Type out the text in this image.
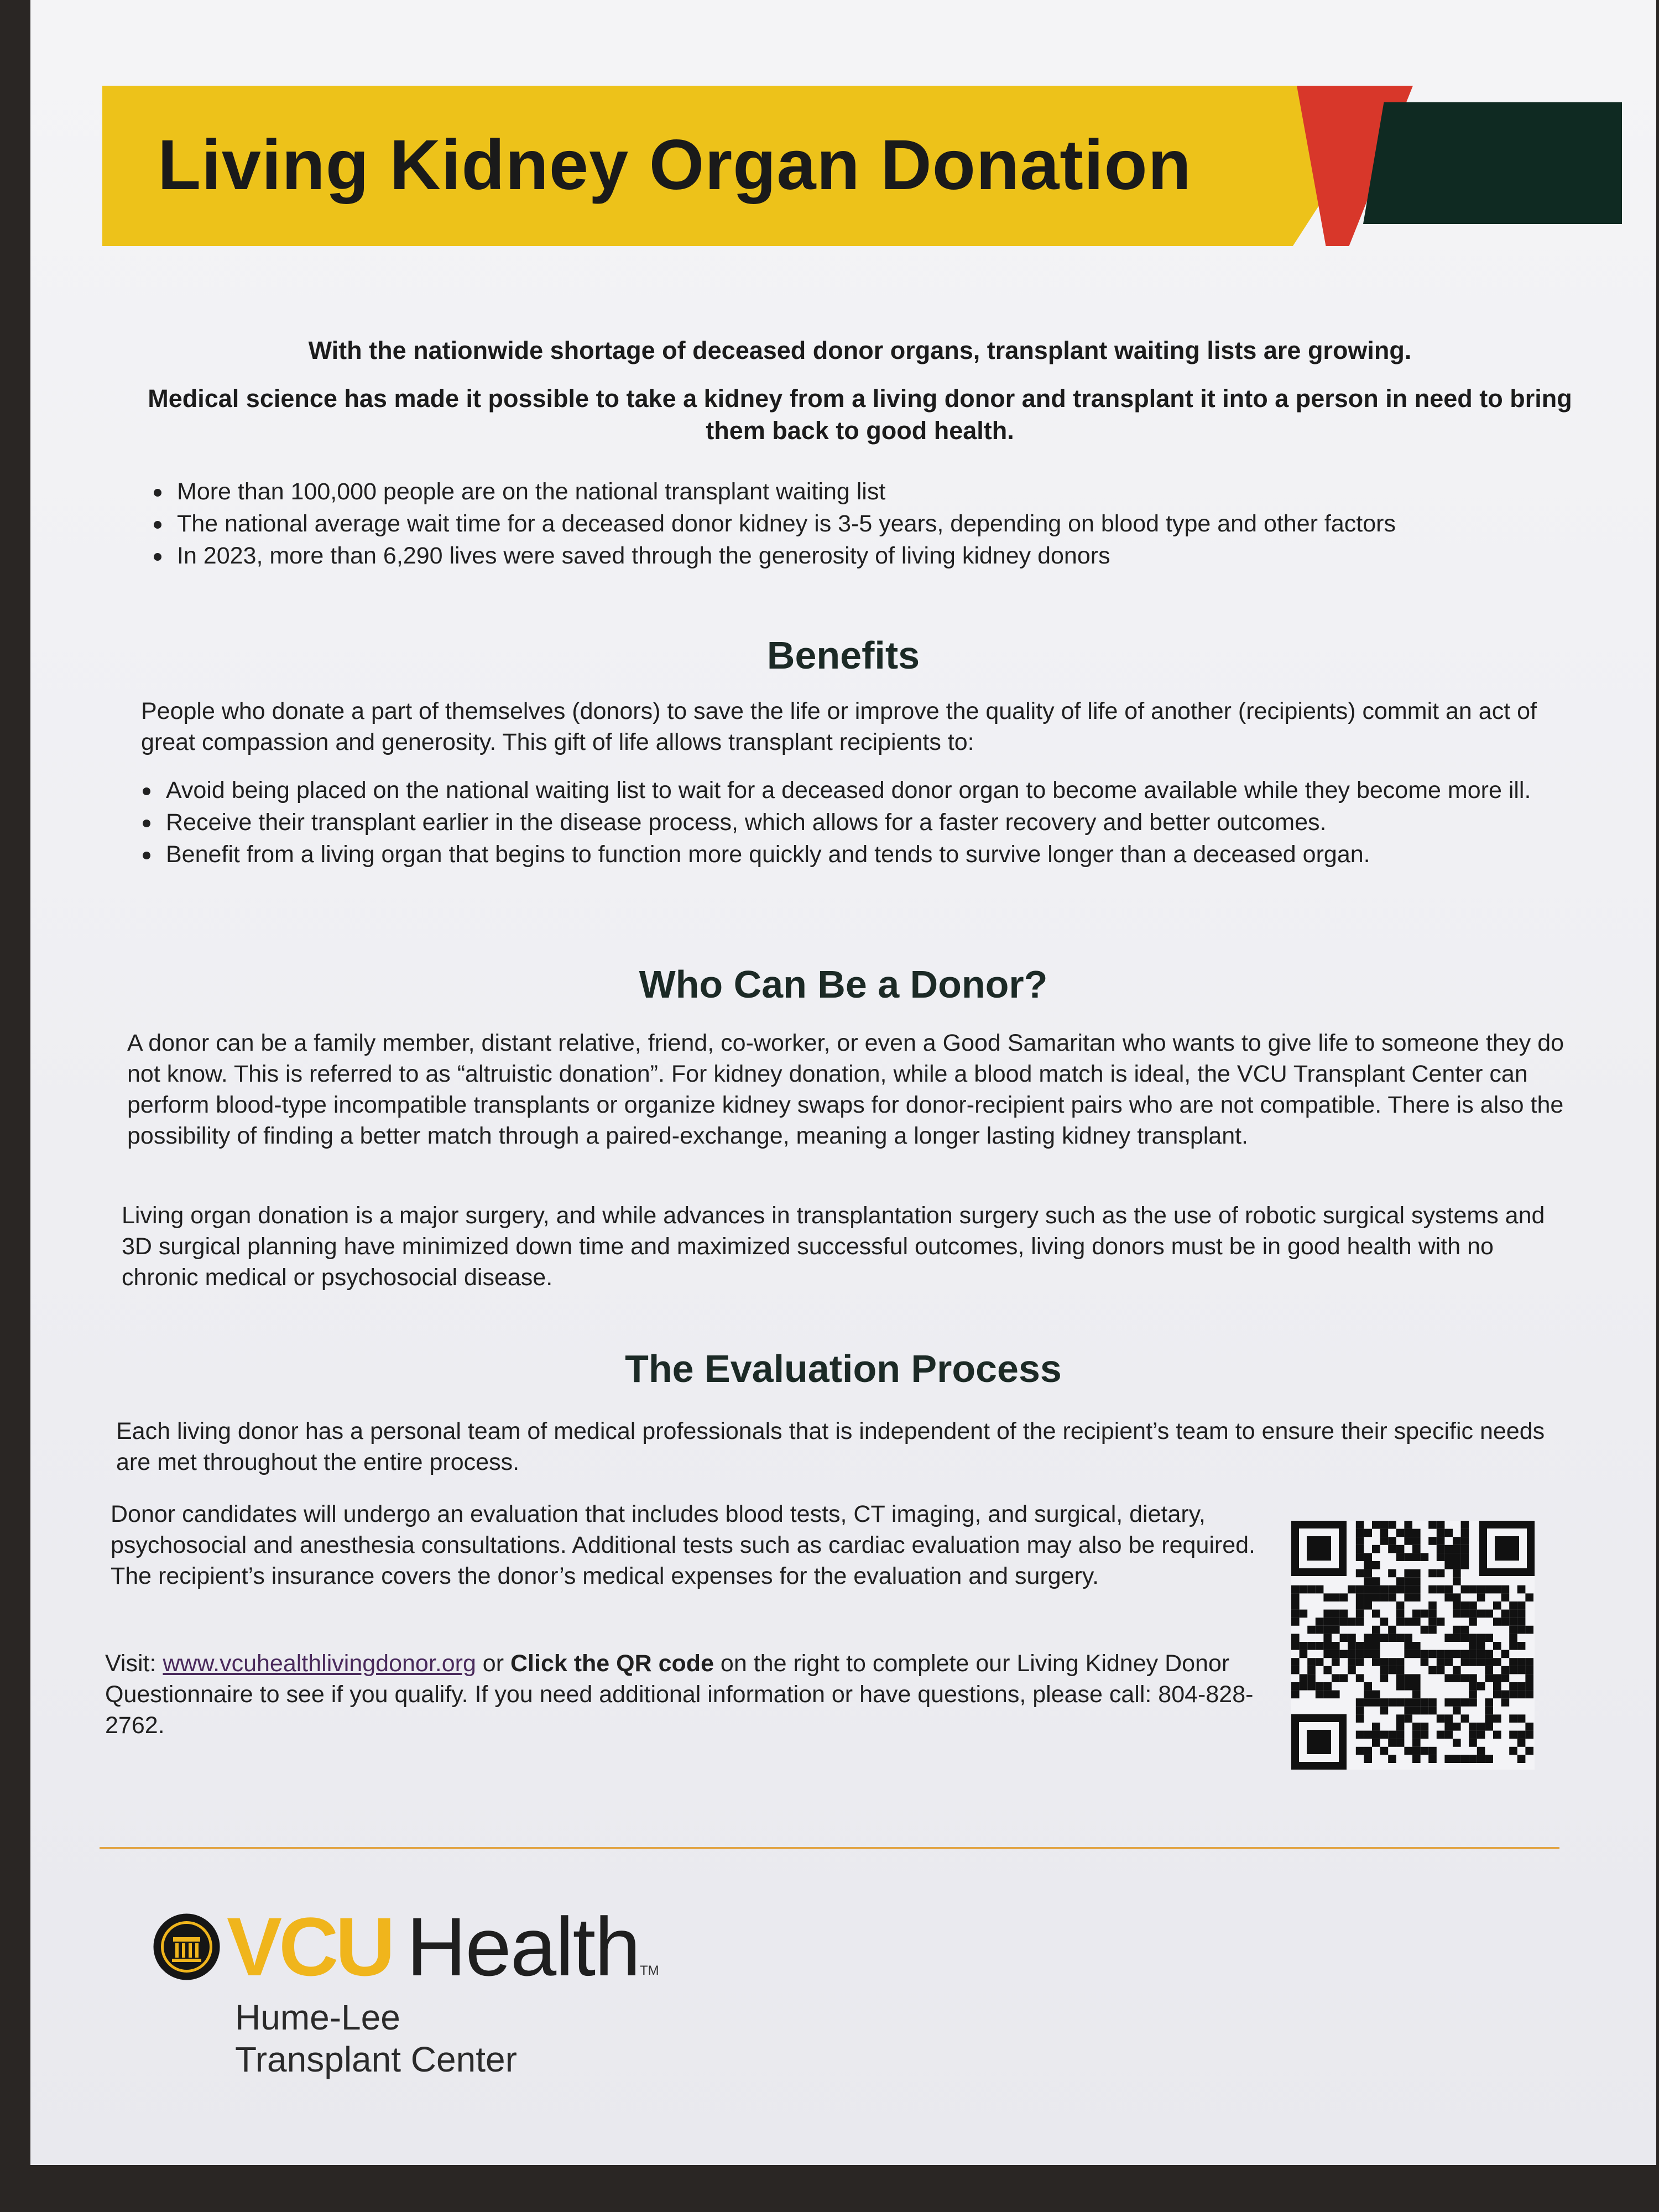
Living Kidney Organ Donation

With the nationwide shortage of deceased donor organs, transplant waiting lists are growing.

Medical science has made it possible to take a kidney from a living donor and transplant it into a person in need to bring them back to good health.

More than 100,000 people are on the national transplant waiting list
The national average wait time for a deceased donor kidney is 3-5 years, depending on blood type and other factors
In 2023, more than 6,290 lives were saved through the generosity of living kidney donors
Benefits

People who donate a part of themselves (donors) to save the life or improve the quality of life of another (recipients) commit an act of great compassion and generosity. This gift of life allows transplant recipients to:

Avoid being placed on the national waiting list to wait for a deceased donor organ to become available while they become more ill.
Receive their transplant earlier in the disease process, which allows for a faster recovery and better outcomes.
Benefit from a living organ that begins to function more quickly and tends to survive longer than a deceased organ.
Who Can Be a Donor?

A donor can be a family member, distant relative, friend, co-worker, or even a Good Samaritan who wants to give life to someone they do not know. This is referred to as “altruistic donation”. For kidney donation, while a blood match is ideal, the VCU Transplant Center can perform blood-type incompatible transplants or organize kidney swaps for donor-recipient pairs who are not compatible. There is also the possibility of finding a better match through a paired-exchange, meaning a longer lasting kidney transplant.

Living organ donation is a major surgery, and while advances in transplantation surgery such as the use of robotic surgical systems and 3D surgical planning have minimized down time and maximized successful outcomes, living donors must be in good health with no chronic medical or psychosocial disease.

The Evaluation Process

Each living donor has a personal team of medical professionals that is independent of the recipient’s team to ensure their specific needs are met throughout the entire process.

Donor candidates will undergo an evaluation that includes blood tests, CT imaging, and surgical, dietary, psychosocial and anesthesia consultations. Additional tests such as cardiac evaluation may also be required. The recipient’s insurance covers the donor’s medical expenses for the evaluation and surgery.

Visit: www.vcuhealthlivingdonor.org or Click the QR code on the right to complete our Living Kidney Donor Questionnaire to see if you qualify. If you need additional information or have questions, please call: 804-828-2762.

VCU Health TM

Hume-Lee
Transplant Center
